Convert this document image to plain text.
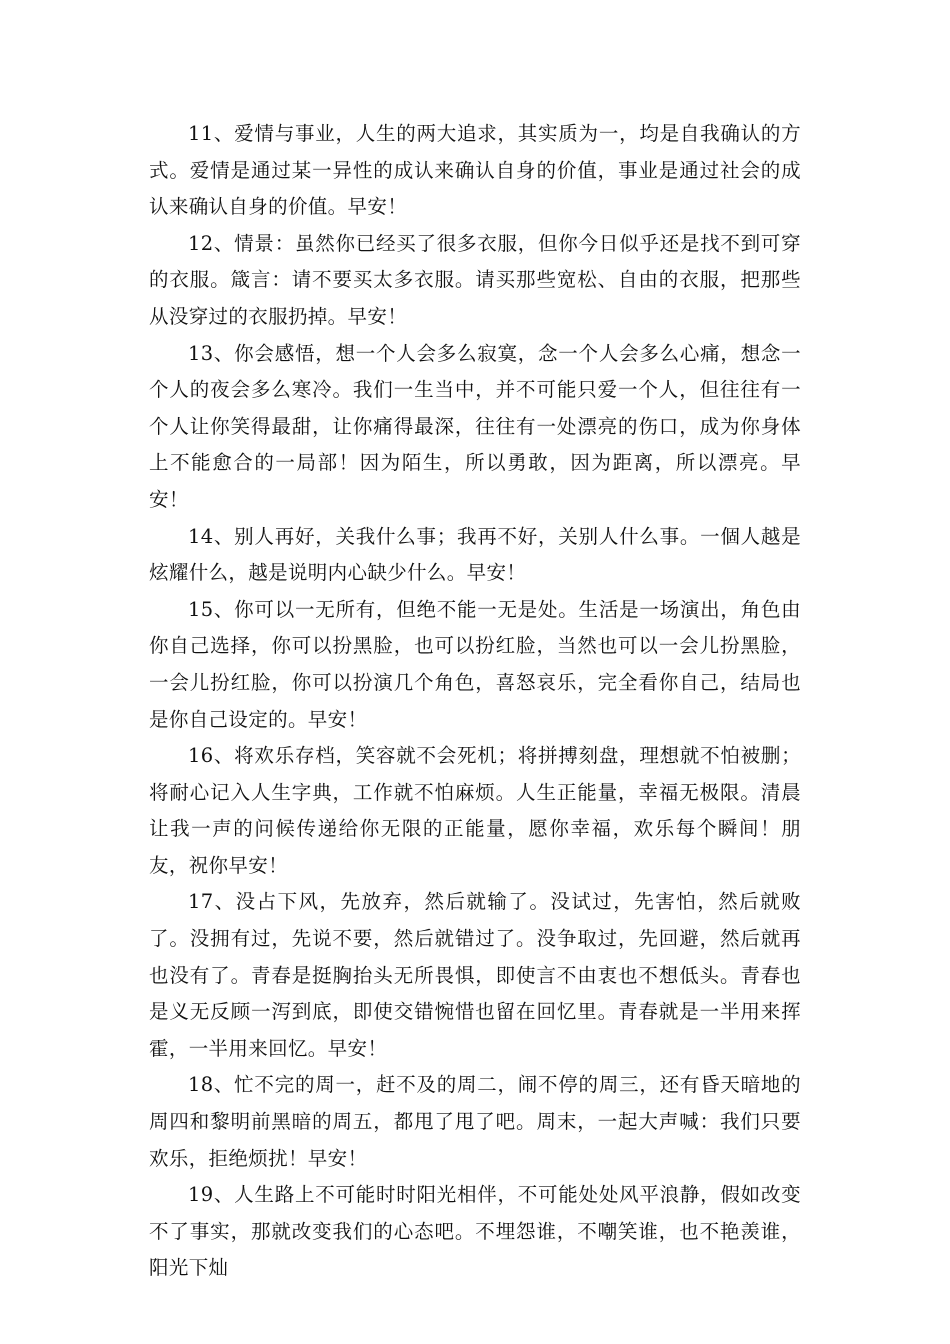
11、爱情与事业，人生的两大追求，其实质为一，均是自我确认的方式。爱情是通过某一异性的成认来确认自身的价值，事业是通过社会的成认来确认自身的价值。早安！

12、情景：虽然你已经买了很多衣服，但你今日似乎还是找不到可穿的衣服。箴言：请不要买太多衣服。请买那些宽松、自由的衣服，把那些从没穿过的衣服扔掉。早安！

13、你会感悟，想一个人会多么寂寞，念一个人会多么心痛，想念一个人的夜会多么寒冷。我们一生当中，并不可能只爱一个人，但往往有一个人让你笑得最甜，让你痛得最深，往往有一处漂亮的伤口，成为你身体上不能愈合的一局部！因为陌生，所以勇敢，因为距离，所以漂亮。早安！

14、别人再好，关我什么事；我再不好，关别人什么事。一個人越是炫耀什么，越是说明内心缺少什么。早安！

15、你可以一无所有，但绝不能一无是处。生活是一场演出，角色由你自己选择，你可以扮黑脸，也可以扮红脸，当然也可以一会儿扮黑脸，一会儿扮红脸，你可以扮演几个角色，喜怒哀乐，完全看你自己，结局也是你自己设定的。早安！

16、将欢乐存档，笑容就不会死机；将拼搏刻盘，理想就不怕被删；将耐心记入人生字典，工作就不怕麻烦。人生正能量，幸福无极限。清晨让我一声的问候传递给你无限的正能量，愿你幸福，欢乐每个瞬间！朋友，祝你早安！

17、没占下风，先放弃，然后就输了。没试过，先害怕，然后就败了。没拥有过，先说不要，然后就错过了。没争取过，先回避，然后就再也没有了。青春是挺胸抬头无所畏惧，即使言不由衷也不想低头。青春也是义无反顾一泻到底，即使交错惋惜也留在回忆里。青春就是一半用来挥霍，一半用来回忆。早安！

18、忙不完的周一，赶不及的周二，闹不停的周三，还有昏天暗地的周四和黎明前黑暗的周五，都甩了甩了吧。周末，一起大声喊：我们只要欢乐，拒绝烦扰！早安！

19、人生路上不可能时时阳光相伴，不可能处处风平浪静，假如改变不了事实，那就改变我们的心态吧。不埋怨谁，不嘲笑谁，也不艳羡谁，阳光下灿
